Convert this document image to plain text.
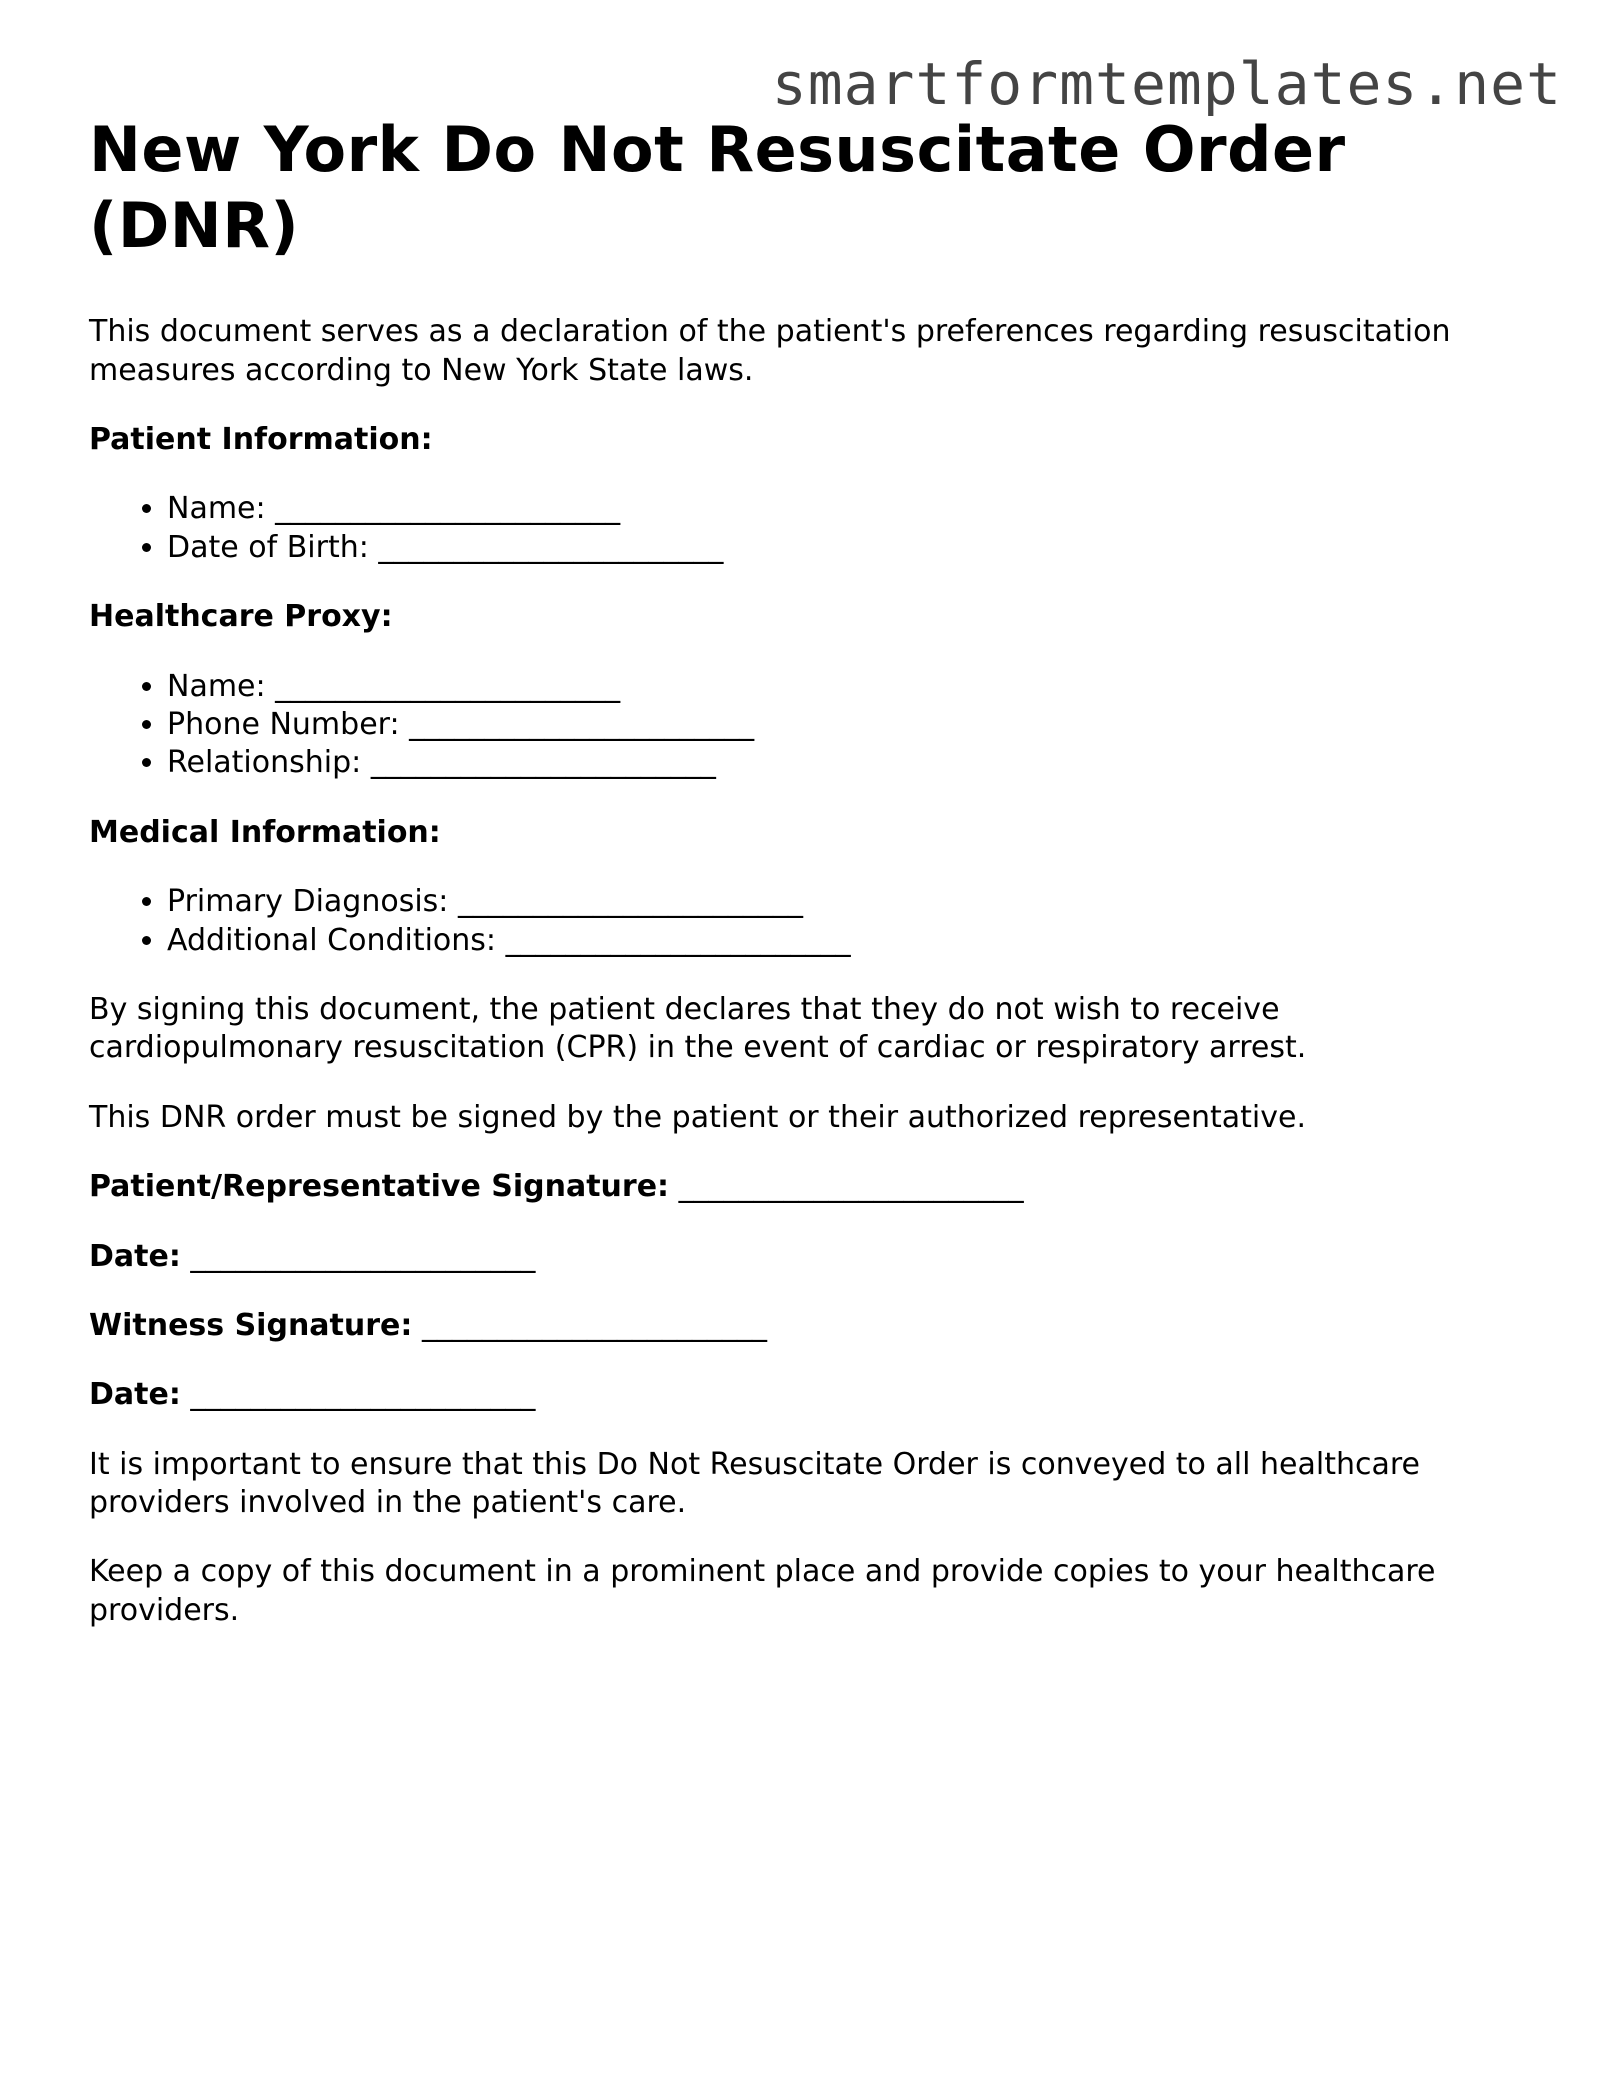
smartformtemplates.net
New York Do Not Resuscitate Order (DNR)

This document serves as a declaration of the patient's preferences regarding resuscitation measures according to New York State laws.

Patient Information:

• Name: _______________________
• Date of Birth: _______________________

Healthcare Proxy:

• Name: _______________________
• Phone Number: _______________________
• Relationship: _______________________

Medical Information:

• Primary Diagnosis: _______________________
• Additional Conditions: _______________________

By signing this document, the patient declares that they do not wish to receive cardiopulmonary resuscitation (CPR) in the event of cardiac or respiratory arrest.

This DNR order must be signed by the patient or their authorized representative.

Patient/Representative Signature: _______________________

Date: _______________________

Witness Signature: _______________________

Date: _______________________

It is important to ensure that this Do Not Resuscitate Order is conveyed to all healthcare providers involved in the patient's care.

Keep a copy of this document in a prominent place and provide copies to your healthcare providers.
